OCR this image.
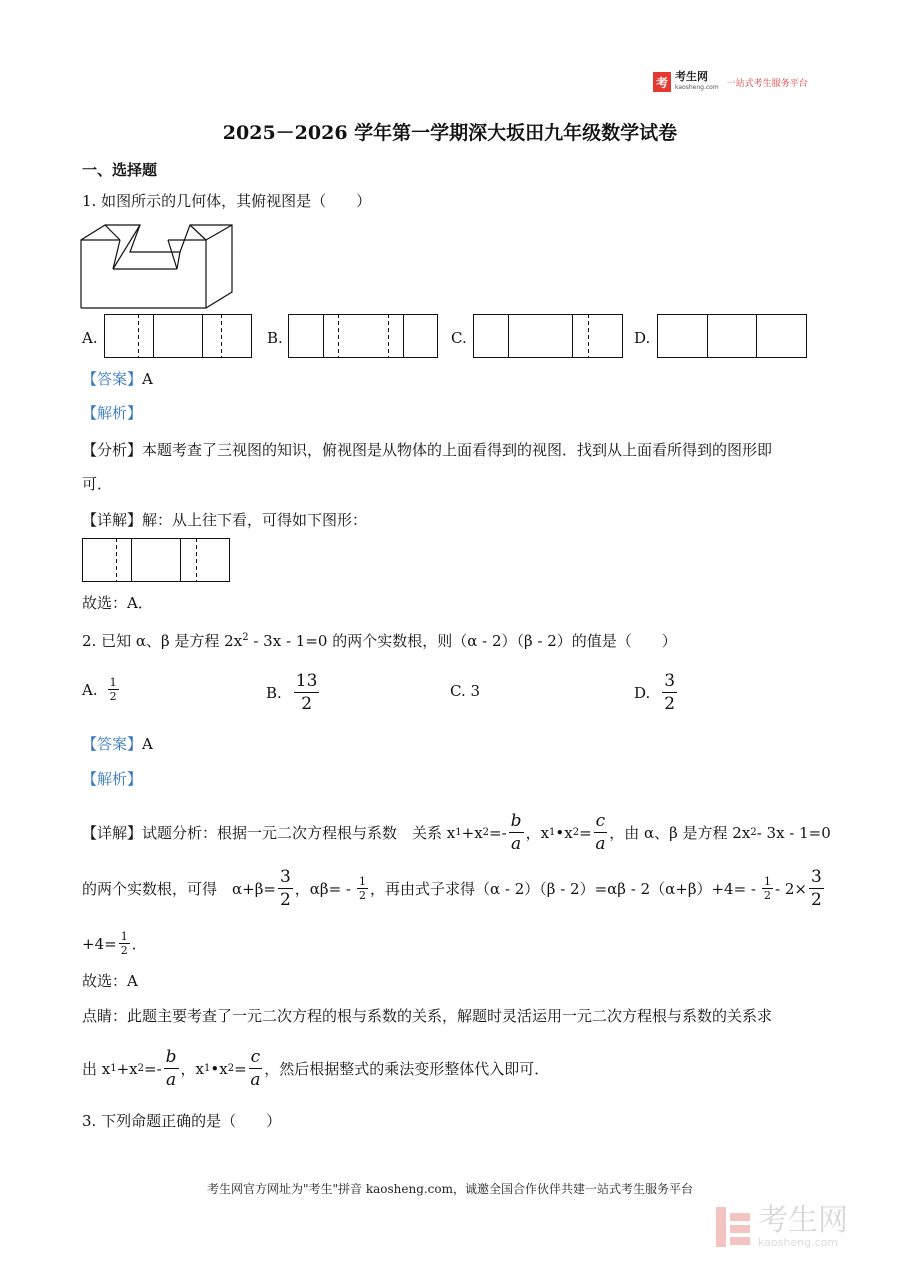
考 考生网
kaosheng.com 一站式考生服务平台
2025－2026 学年第一学期深大坂田九年级数学试卷
一、选择题
1. 如图所示的几何体，其俯视图是（　　）
A.	B.	C.	D.
【答案】A
【解析】
【分析】本题考查了三视图的知识，俯视图是从物体的上面看得到的视图．找到从上面看所得到的图形即
可．
【详解】解：从上往下看，可得如下图形：
故选：A．
2. 已知 α、β 是方程 $2x^2 - 3x - 1=0$ 的两个实数根，则（α - 2）（β - 2）的值是（　　）
A. $\frac{1}{2}$	B. $\frac{13}{2}$	C. 3	D. $\frac{3}{2}$
【答案】A
【解析】
【详解】 试题分析：根据一元二次方程根与系数　关系 x 1 +x $2 =- \frac{b}{a}$ ，x 1 •x $2 = \frac{c}{a}$ ，由 α、β 是方程 2x 2 - 3x - 1=0
的两个实数根，可得　$\alpha+\beta= \frac{3}{2}$ ，$\alpha\beta= - \frac{1}{2}$ ，再由式子求得$(\alpha - 2)(\beta - 2)=\alpha\beta - 2(\alpha+\beta)+4= - \frac{1}{2} - 2\times \frac{3}{2}$
$+4= \frac{1}{2}$ ．
故选：A
点睛：此题主要考查了一元二次方程的根与系数的关系，解题时灵活运用一元二次方程根与系数的关系求
出 x 1 +x $2 =- \frac{b}{a}$ ，x 1 •x $2 = \frac{c}{a}$ ，然后根据整式的乘法变形整体代入即可．
3. 下列命题正确的是（　　）
考生网官方网址为"考生"拼音 kaosheng.com，诚邀全国合作伙伴共建一站式考生服务平台
考生网
kaosheng.com
